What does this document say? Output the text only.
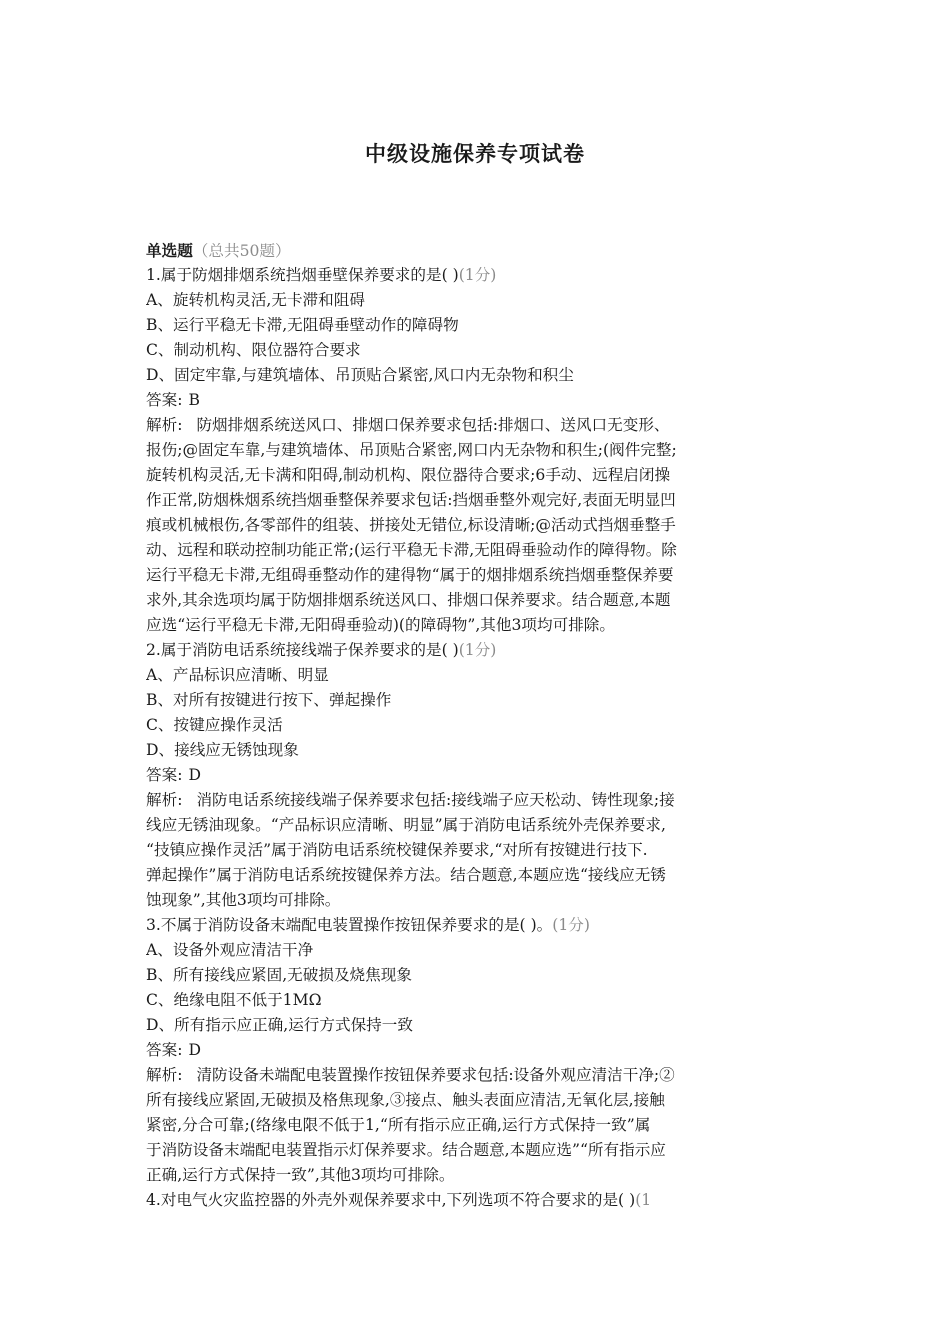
中级设施保养专项试卷
单选题（总共50题）
1.属于防烟排烟系统挡烟垂壁保养要求的是( )(1分)
A、旋转机构灵活,无卡滞和阻碍
B、运行平稳无卡滞,无阻碍垂壁动作的障碍物
C、制动机构、限位器符合要求
D、固定牢靠,与建筑墙体、吊顶贴合紧密,风口内无杂物和积尘
答案: B
解析: 防烟排烟系统送风口、排烟口保养要求包括:排烟口、送风口无变形、
报伤;@固定车靠,与建筑墙体、吊顶贴合紧密,网口内无杂物和积生;(阀件完整;
旋转机构灵活,无卡满和阳碍,制动机构、限位器待合要求;6手动、远程启闭操
作正常,防烟株烟系统挡烟垂整保养要求包话:挡烟垂整外观完好,表面无明显凹
痕或机械根伤,各零部件的组装、拼接处无错位,标设清晰;@活动式挡烟垂整手
动、远程和联动控制功能正常;(运行平稳无卡滞,无阻碍垂验动作的障得物。除
运行平稳无卡滞,无组碍垂整动作的建得物“属于的烟排烟系统挡烟垂整保养要
求外,其余选项均属于防烟排烟系统送风口、排烟口保养要求。结合题意,本题
应选“运行平稳无卡滞,无阳碍垂验动)(的障碍物”,其他3项均可排除。
2.属于消防电话系统接线端子保养要求的是( )(1分)
A、产品标识应清晰、明显
B、对所有按键进行按下、弹起操作
C、按键应操作灵活
D、接线应无锈蚀现象
答案: D
解析: 消防电话系统接线端子保养要求包括:接线端子应天松动、铸性现象;接
线应无锈油现象。“产品标识应清晰、明显”属于消防电话系统外壳保养要求,
“技镇应操作灵活”属于消防电话系统校键保养要求,“对所有按键进行技下.
弹起操作”属于消防电话系统按键保养方法。结合题意,本题应选“接线应无锈
蚀现象”,其他3项均可排除。
3.不属于消防设备末端配电装置操作按钮保养要求的是( )。(1分)
A、设备外观应清洁干净
B、所有接线应紧固,无破损及烧焦现象
C、绝缘电阻不低于1MΩ
D、所有指示应正确,运行方式保持一致
答案: D
解析: 清防设备未端配电装置操作按钮保养要求包括:设备外观应清洁干净;②
所有接线应紧固,无破损及格焦现象,③接点、触头表面应清洁,无氧化层,接触
紧密,分合可靠;(络缘电限不低于1,“所有指示应正确,运行方式保持一致”属
于消防设备末端配电装置指示灯保养要求。结合题意,本题应选”“所有指示应
正确,运行方式保持一致”,其他3项均可排除。
4.对电气火灾监控器的外壳外观保养要求中,下列选项不符合要求的是( )(1
